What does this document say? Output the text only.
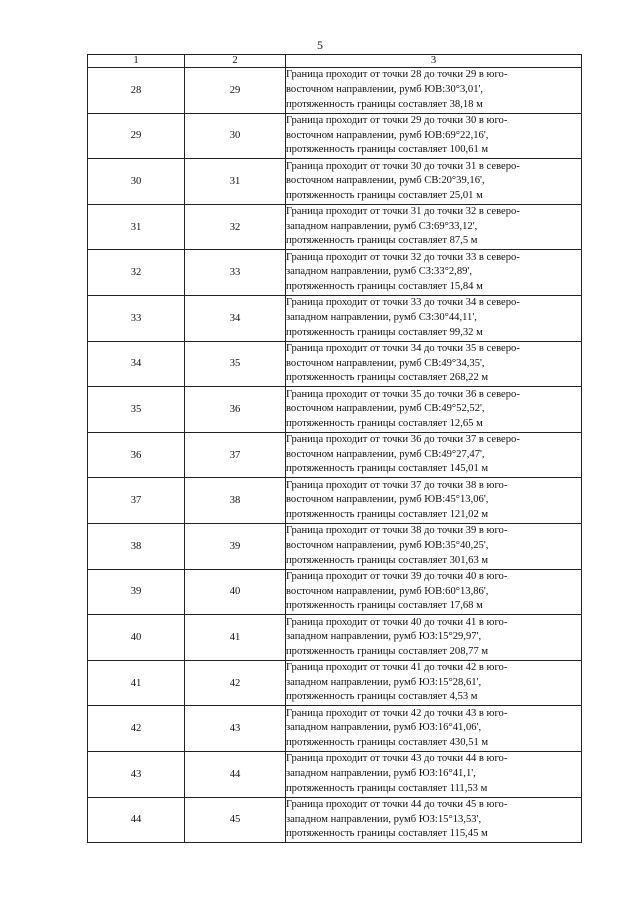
5
1	2	3
28	29	Граница проходит от точки 28 до точки 29 в юго-
восточном направлении, румб ЮВ:30°3,01',
протяженность границы составляет 38,18 м
29	30	Граница проходит от точки 29 до точки 30 в юго-
восточном направлении, румб ЮВ:69°22,16',
протяженность границы составляет 100,61 м
30	31	Граница проходит от точки 30 до точки 31 в северо-
восточном направлении, румб СВ:20°39,16',
протяженность границы составляет 25,01 м
31	32	Граница проходит от точки 31 до точки 32 в северо-
западном направлении, румб СЗ:69°33,12',
протяженность границы составляет 87,5 м
32	33	Граница проходит от точки 32 до точки 33 в северо-
западном направлении, румб СЗ:33°2,89',
протяженность границы составляет 15,84 м
33	34	Граница проходит от точки 33 до точки 34 в северо-
западном направлении, румб СЗ:30°44,11',
протяженность границы составляет 99,32 м
34	35	Граница проходит от точки 34 до точки 35 в северо-
восточном направлении, румб СВ:49°34,35',
протяженность границы составляет 268,22 м
35	36	Граница проходит от точки 35 до точки 36 в северо-
восточном направлении, румб СВ:49°52,52',
протяженность границы составляет 12,65 м
36	37	Граница проходит от точки 36 до точки 37 в северо-
восточном направлении, румб СВ:49°27,47',
протяженность границы составляет 145,01 м
37	38	Граница проходит от точки 37 до точки 38 в юго-
восточном направлении, румб ЮВ:45°13,06',
протяженность границы составляет 121,02 м
38	39	Граница проходит от точки 38 до точки 39 в юго-
восточном направлении, румб ЮВ:35°40,25',
протяженность границы составляет 301,63 м
39	40	Граница проходит от точки 39 до точки 40 в юго-
восточном направлении, румб ЮВ:60°13,86',
протяженность границы составляет 17,68 м
40	41	Граница проходит от точки 40 до точки 41 в юго-
западном направлении, румб ЮЗ:15°29,97',
протяженность границы составляет 208,77 м
41	42	Граница проходит от точки 41 до точки 42 в юго-
западном направлении, румб ЮЗ:15°28,61',
протяженность границы составляет 4,53 м
42	43	Граница проходит от точки 42 до точки 43 в юго-
западном направлении, румб ЮЗ:16°41,06',
протяженность границы составляет 430,51 м
43	44	Граница проходит от точки 43 до точки 44 в юго-
западном направлении, румб ЮЗ:16°41,1',
протяженность границы составляет 111,53 м
44	45	Граница проходит от точки 44 до точки 45 в юго-
западном направлении, румб ЮЗ:15°13,53',
протяженность границы составляет 115,45 м
